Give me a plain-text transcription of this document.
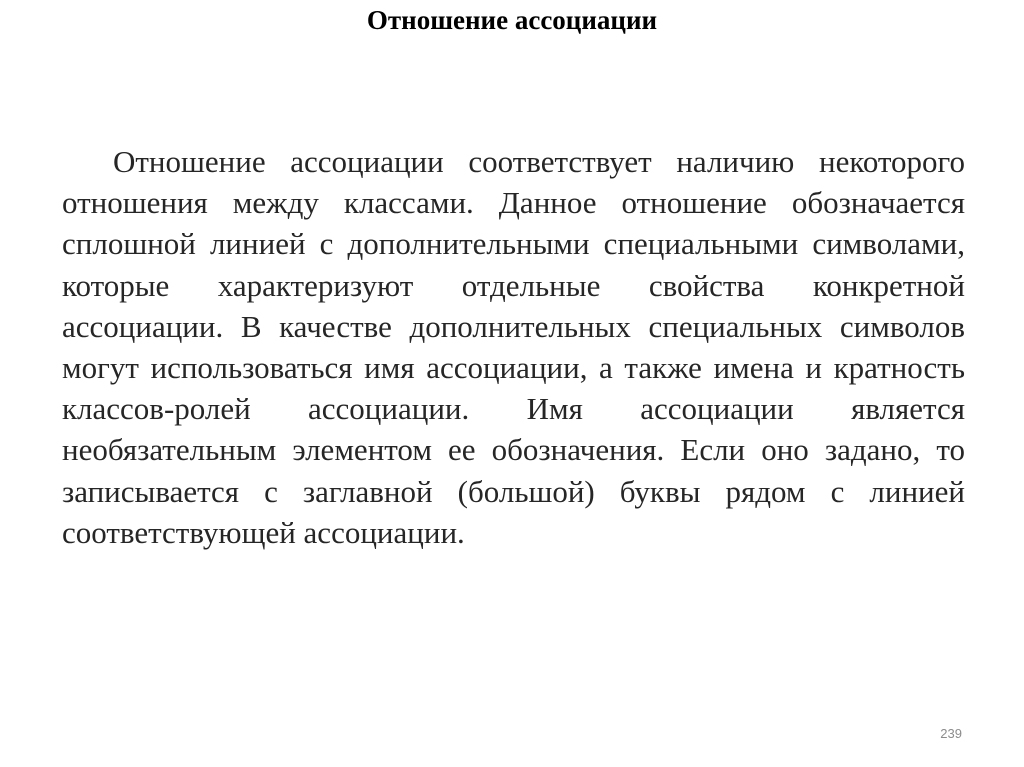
Отношение ассоциации

Отношение ассоциации соответствует наличию некоторого отношения между классами. Данное отношение обозначается сплошной линией с дополнительными специальными символами, которые характеризуют отдельные свойства конкретной ассоциации. В качестве дополнительных специальных символов могут использоваться имя ассоциации, а также имена и кратность классов-ролей ассоциации. Имя ассоциации является необязательным элементом ее обозначения. Если оно задано, то записывается с заглавной (большой) буквы рядом с линией соответствующей ассоциации.

239
